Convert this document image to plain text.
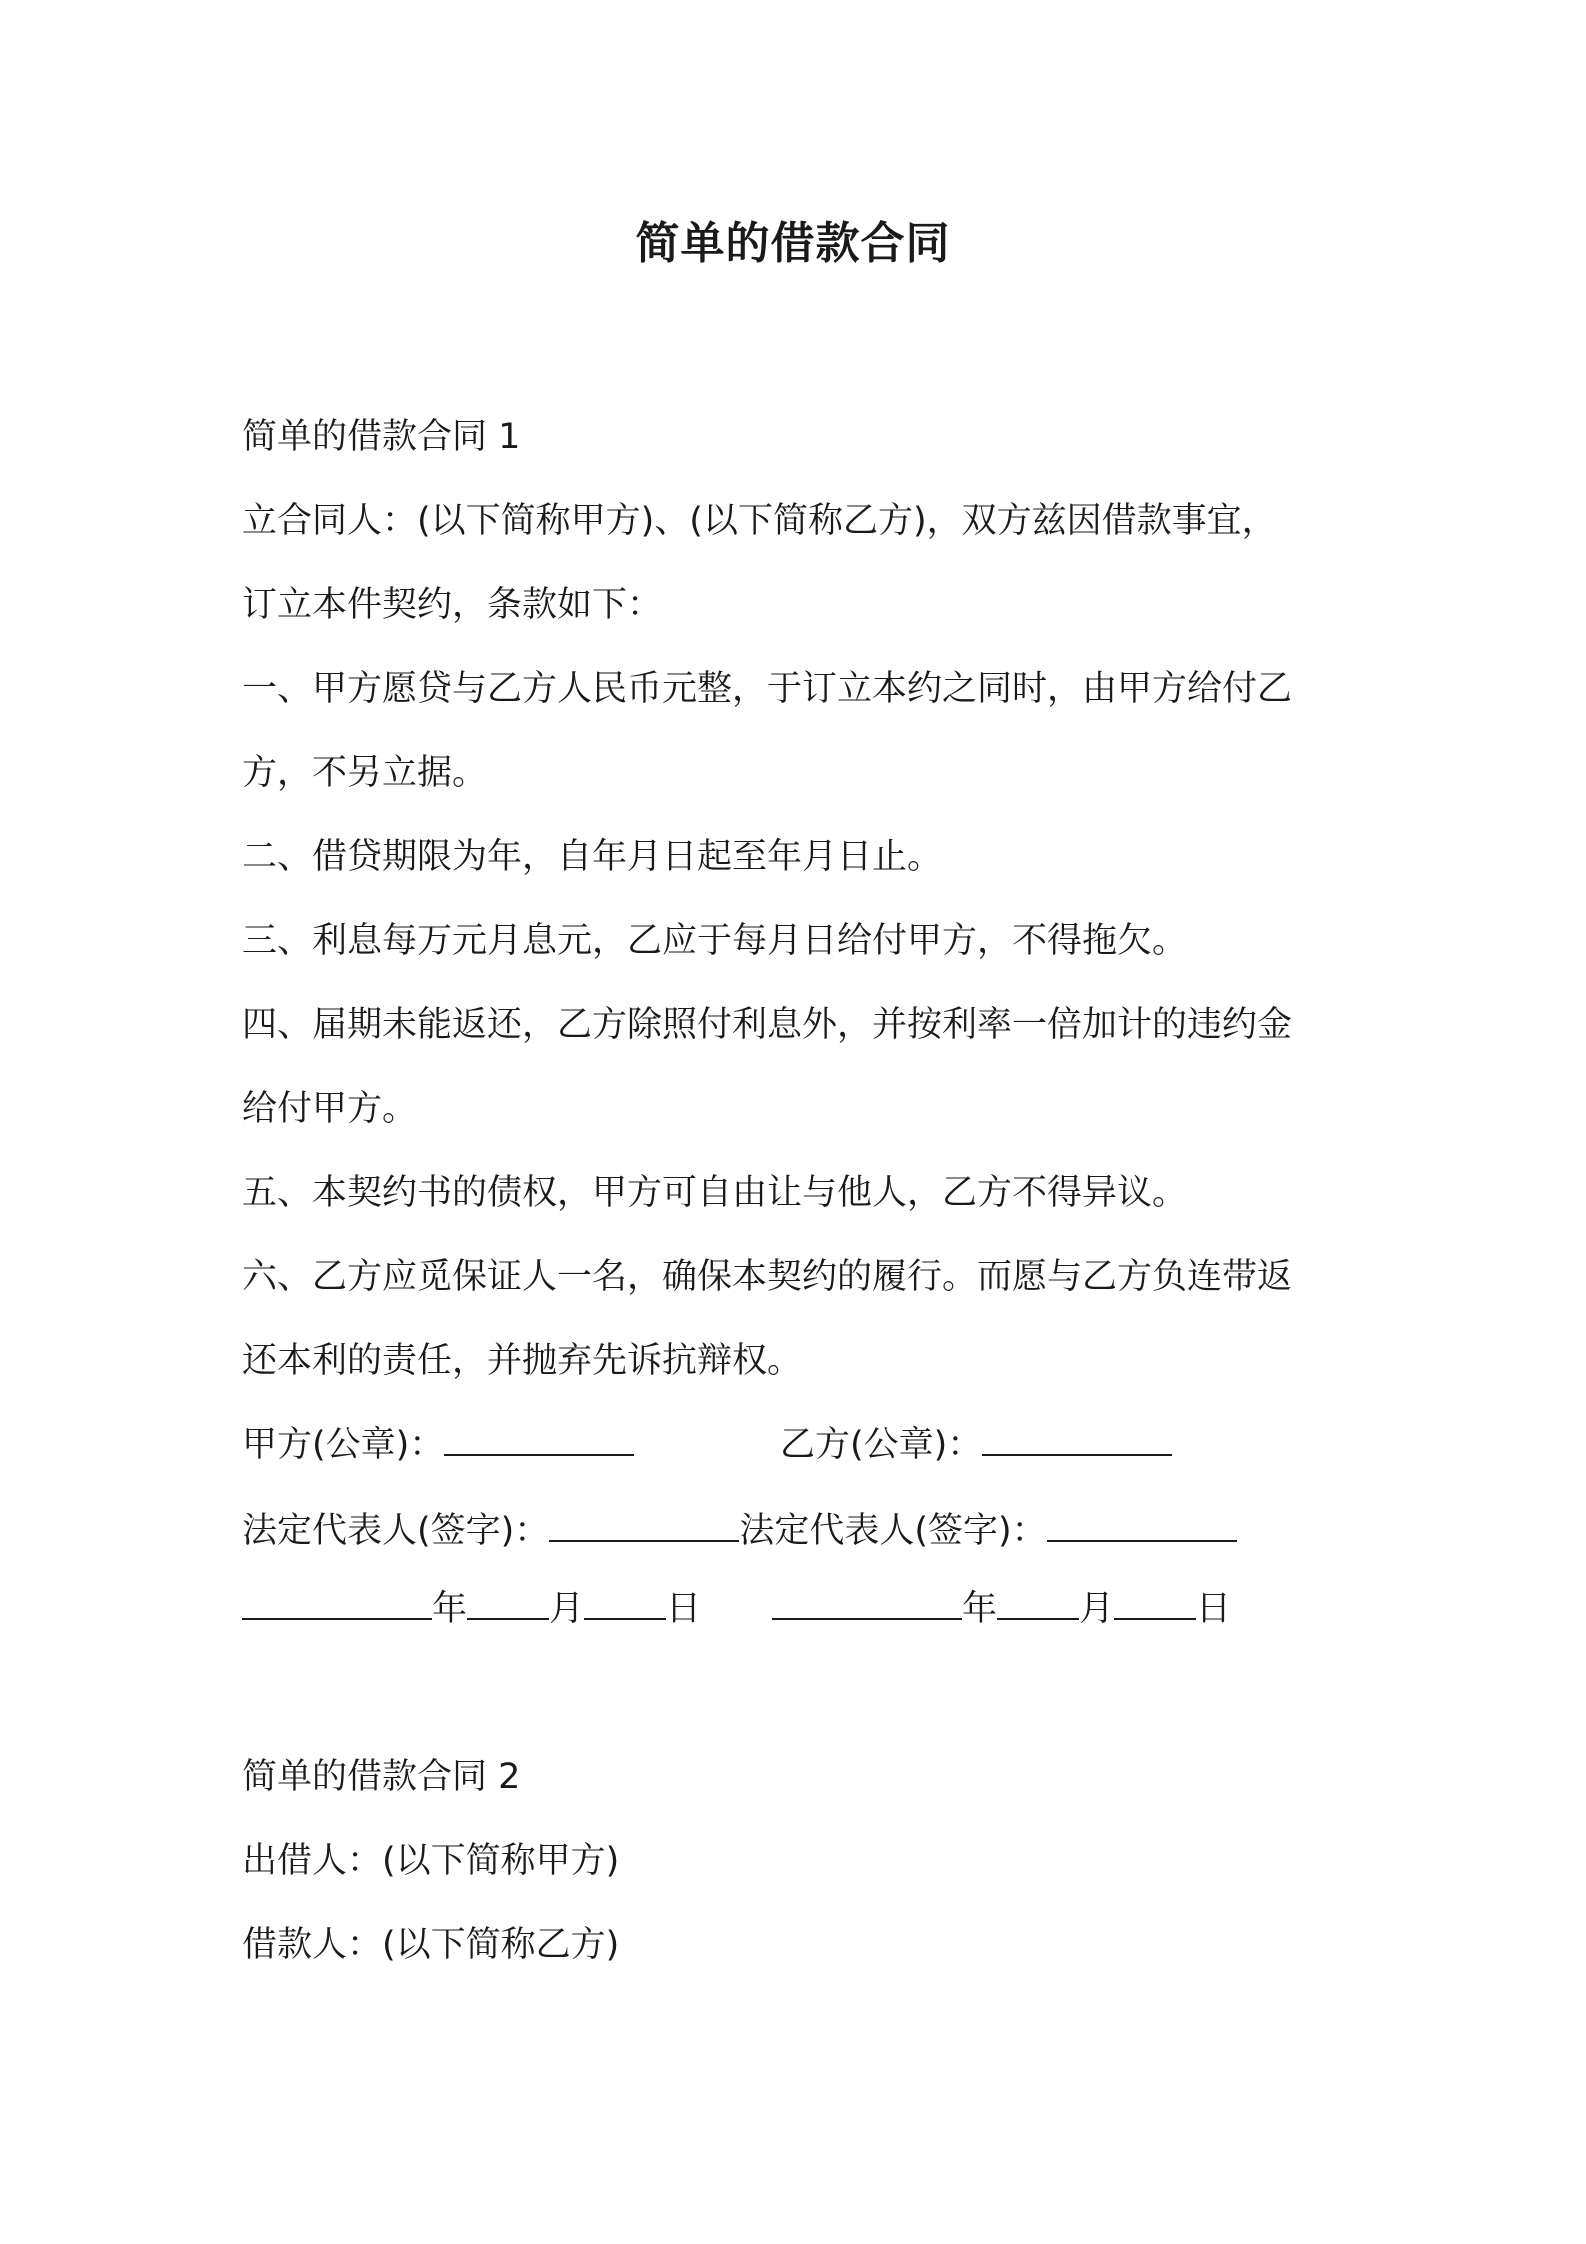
简单的借款合同
简单的借款合同 1
立合同人：(以下简称甲方)、(以下简称乙方)，双方兹因借款事宜，
订立本件契约，条款如下：
一、甲方愿贷与乙方人民币元整，于订立本约之同时，由甲方给付乙
方，不另立据。
二、借贷期限为年，自年月日起至年月日止。
三、利息每万元月息元，乙应于每月日给付甲方，不得拖欠。
四、届期未能返还，乙方除照付利息外，并按利率一倍加计的违约金
给付甲方。
五、本契约书的债权，甲方可自由让与他人，乙方不得异议。
六、乙方应觅保证人一名，确保本契约的履行。而愿与乙方负连带返
还本利的责任，并抛弃先诉抗辩权。
甲方(公章)：	乙方(公章)：
法定代表人(签字)：	法定代表人(签字)：
年 月 日	年 月 日
简单的借款合同 2
出借人：(以下简称甲方)
借款人：(以下简称乙方)
